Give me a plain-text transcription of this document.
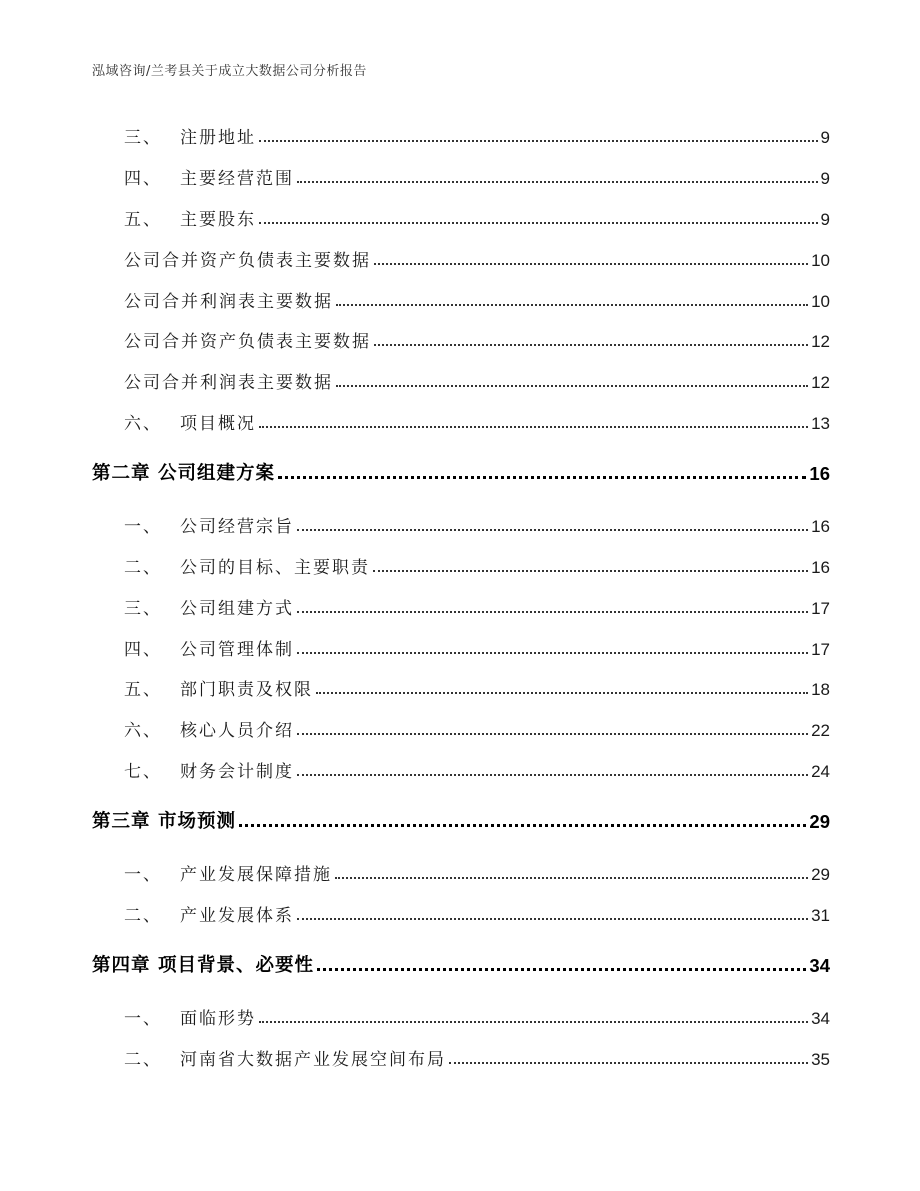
泓域咨询/兰考县关于成立大数据公司分析报告
三、 注册地址	9
四、 主要经营范围	9
五、 主要股东	9
公司合并资产负债表主要数据	10
公司合并利润表主要数据	10
公司合并资产负债表主要数据	12
公司合并利润表主要数据	12
六、 项目概况	13
第二章 公司组建方案	16
一、 公司经营宗旨	16
二、 公司的目标、主要职责	16
三、 公司组建方式	17
四、 公司管理体制	17
五、 部门职责及权限	18
六、 核心人员介绍	22
七、 财务会计制度	24
第三章 市场预测	29
一、 产业发展保障措施	29
二、 产业发展体系	31
第四章 项目背景、必要性	34
一、 面临形势	34
二、 河南省大数据产业发展空间布局	35
